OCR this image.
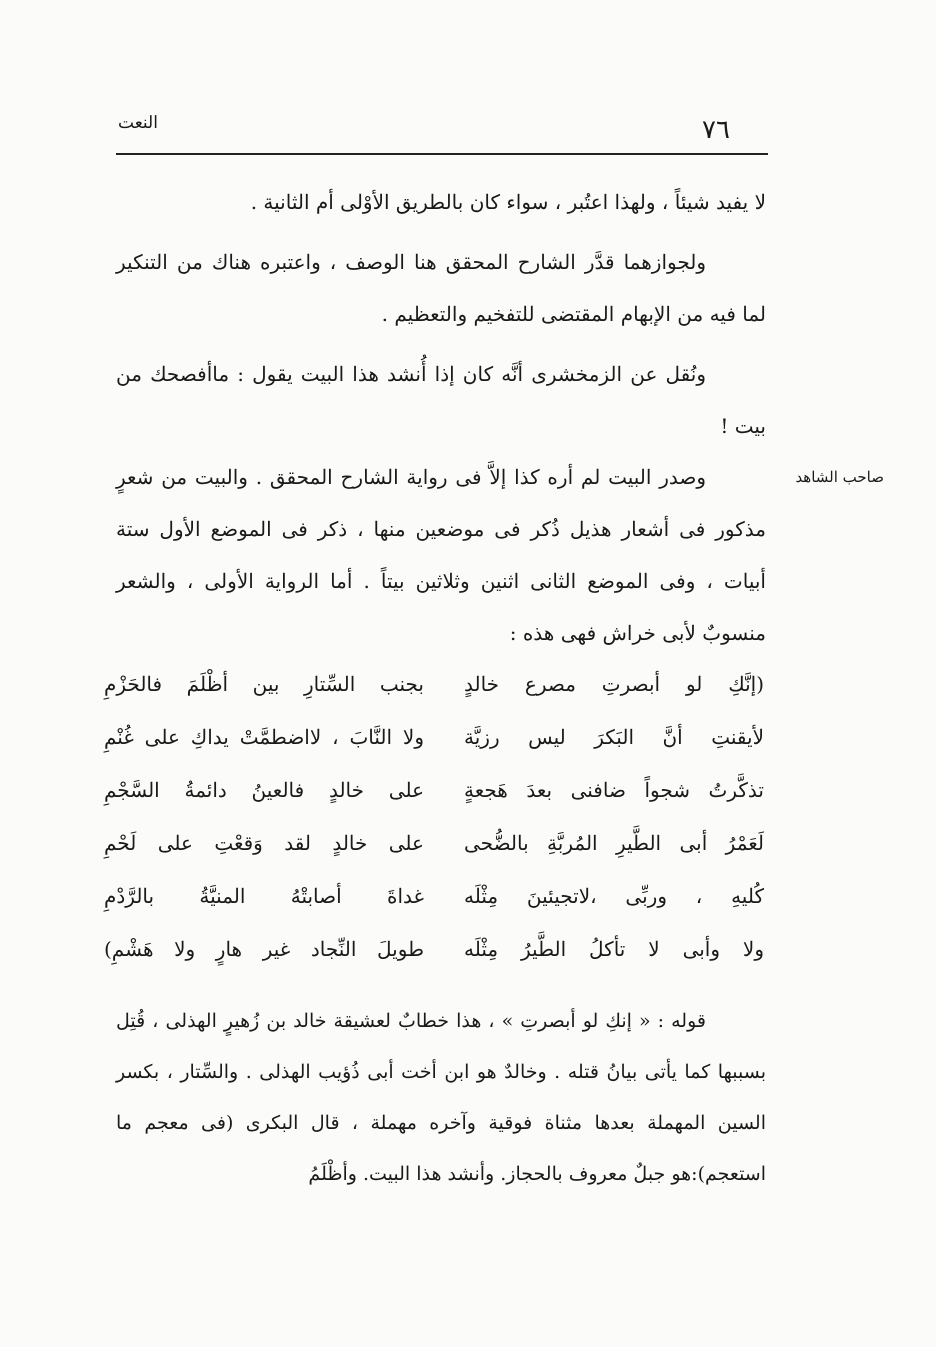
النعت	٧٦

لا يفيد شيئاً ، ولهذا اعتُبر ، سواء كان بالطريق الأوْلى أم الثانية .

ولجوازهما قدَّر الشارح المحقق هنا الوصف ، واعتبره هناك من التنكير لما فيه من الإبهام المقتضى للتفخيم والتعظيم .

ونُقل عن الزمخشرى أنَّه كان إذا أُنشد هذا البيت يقول : ماأفصحك من بيت !

صاحب الشاهد

وصدر البيت لم أره كذا إلاَّ فى رواية الشارح المحقق . والبيت من شعرٍ مذكور فى أشعار هذيل ذُكر فى موضعين منها ، ذكر فى الموضع الأول ستة أبيات ، وفى الموضع الثانى اثنين وثلاثين بيتاً . أما الرواية الأولى ، والشعر منسوبٌ لأبى خراش فهى هذه :

(إنَّكِ لو أبصرتِ مصرع خالدٍ
بجنب السِّتارِ بين أظْلَمَ فالحَزْمِ
لأيقنتِ أنَّ البَكرَ ليس رزيَّة
ولا النَّابَ ، لااضطمَّتْ يداكِ على غُنْمِ
تذكَّرتُ شجواً ضافنى بعدَ هَجعةٍ
على خالدٍ فالعينُ دائمةُ السَّجْمِ
لَعَمْرُ أبى الطَّيرِ المُربَّةِ بالضُّحى
على خالدٍ لقد وَقعْتِ على لَحْمِ
كُليهِ ، وربِّى ،لاتجيئينَ مِثْلَه
غداةَ أصابتْهُ المنيَّةُ بالرَّدْمِ
ولا وأبى لا تأكلُ الطَّيرُ مِثْلَه
طويلَ النِّجاد غير هارٍ ولا هَشْمِ)

قوله : « إنكِ لو أبصرتِ » ، هذا خطابٌ لعشيقة خالد بن زُهيرٍ الهذلى ، قُتِل بسببها كما يأتى بيانُ قتله . وخالدٌ هو ابن أخت أبى ذُؤيب الهذلى . والسِّتار ، بكسر السين المهملة بعدها مثناة فوقية وآخره مهملة ، قال البكرى (فى معجم ما استعجم):هو جبلٌ معروف بالحجاز. وأنشد هذا البيت. وأظْلَمُ
